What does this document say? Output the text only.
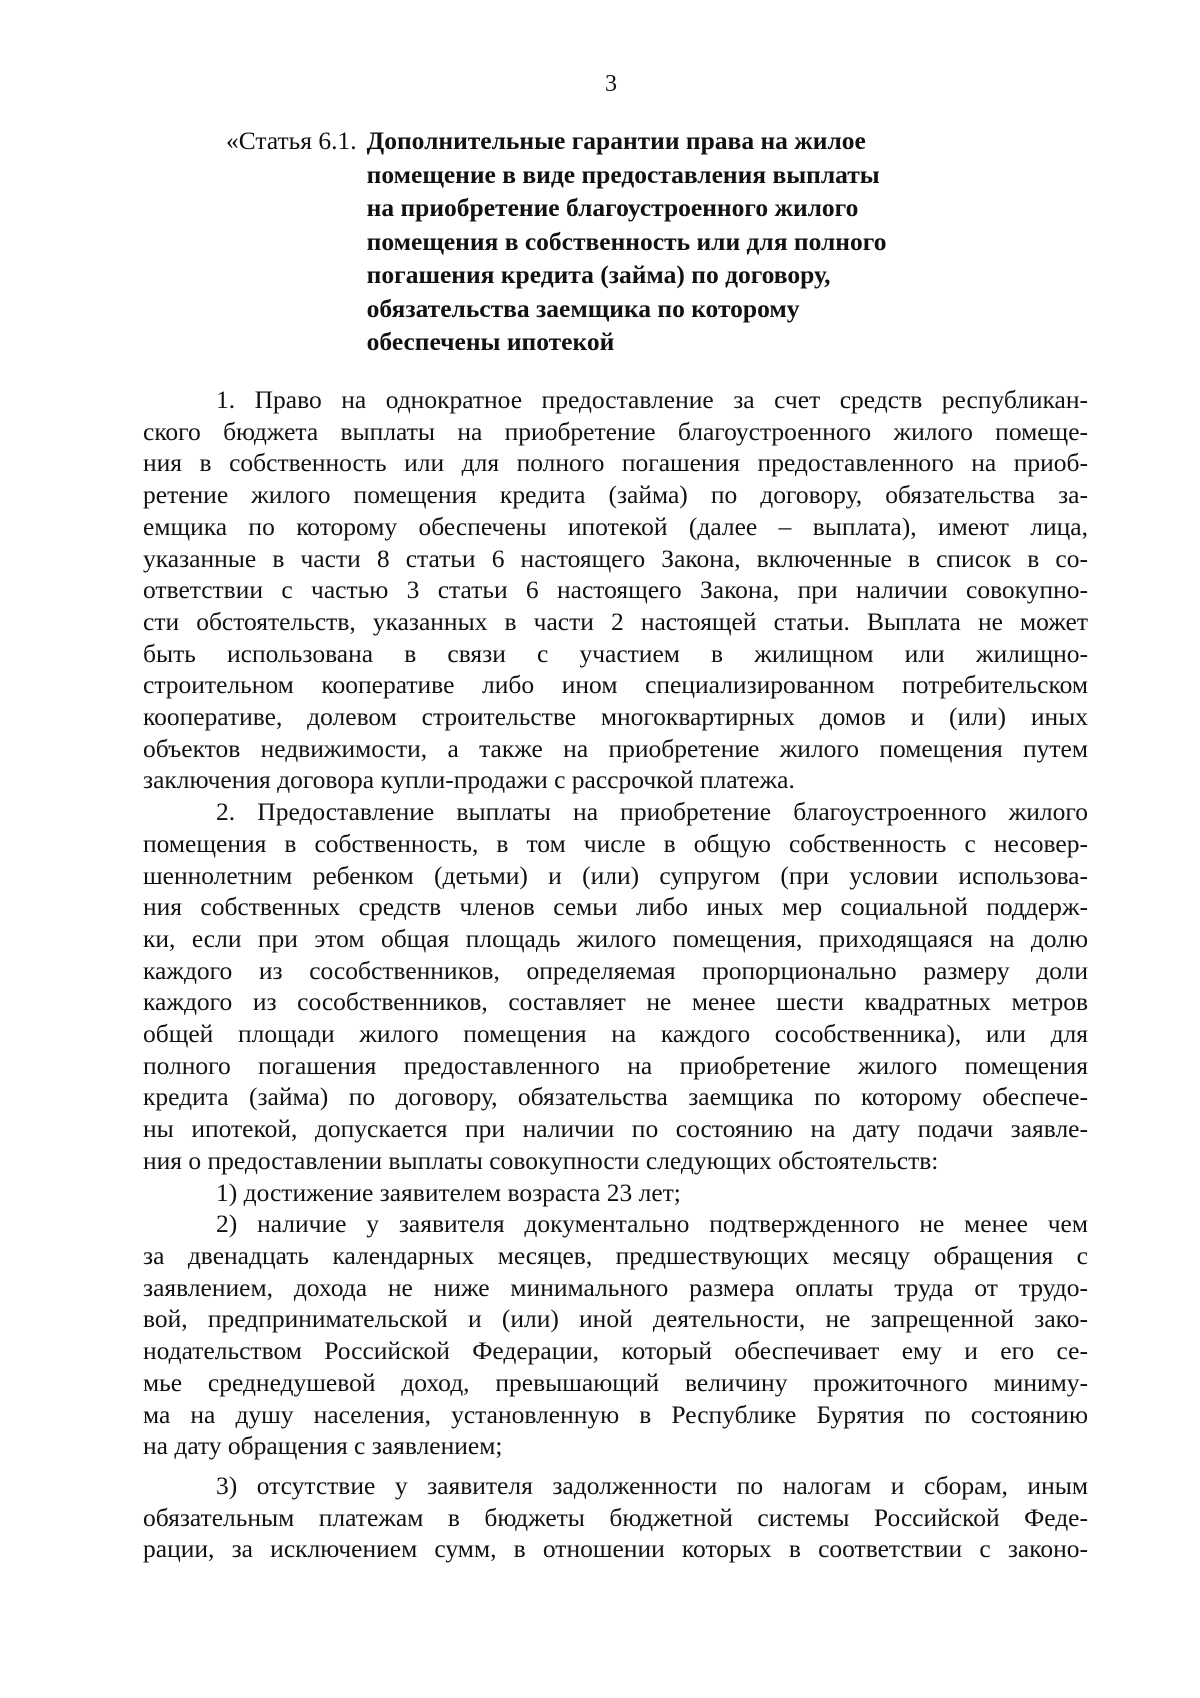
3
«Статья 6.1. Дополнительные гарантии права на жилое
помещение в виде предоставления выплаты
на приобретение благоустроенного жилого
помещения в собственность или для полного
погашения кредита (займа) по договору,
обязательства заемщика по которому
обеспечены ипотекой
1. Право на однократное предоставление за счет средств республикан-
ского бюджета выплаты на приобретение благоустроенного жилого помеще-
ния в собственность или для полного погашения предоставленного на приоб-
ретение жилого помещения кредита (займа) по договору, обязательства за-
емщика по которому обеспечены ипотекой (далее – выплата), имеют лица,
указанные в части 8 статьи 6 настоящего Закона, включенные в список в со-
ответствии с частью 3 статьи 6 настоящего Закона, при наличии совокупно-
сти обстоятельств, указанных в части 2 настоящей статьи. Выплата не может
быть использована в связи с участием в жилищном или жилищно-
строительном кооперативе либо ином специализированном потребительском
кооперативе, долевом строительстве многоквартирных домов и (или) иных
объектов недвижимости, а также на приобретение жилого помещения путем
заключения договора купли-продажи с рассрочкой платежа.
2. Предоставление выплаты на приобретение благоустроенного жилого
помещения в собственность, в том числе в общую собственность с несовер-
шеннолетним ребенком (детьми) и (или) супругом (при условии использова-
ния собственных средств членов семьи либо иных мер социальной поддерж-
ки, если при этом общая площадь жилого помещения, приходящаяся на долю
каждого из сособственников, определяемая пропорционально размеру доли
каждого из сособственников, составляет не менее шести квадратных метров
общей площади жилого помещения на каждого сособственника), или для
полного погашения предоставленного на приобретение жилого помещения
кредита (займа) по договору, обязательства заемщика по которому обеспече-
ны ипотекой, допускается при наличии по состоянию на дату подачи заявле-
ния о предоставлении выплаты совокупности следующих обстоятельств:
1) достижение заявителем возраста 23 лет;
2) наличие у заявителя документально подтвержденного не менее чем
за двенадцать календарных месяцев, предшествующих месяцу обращения с
заявлением, дохода не ниже минимального размера оплаты труда от трудо-
вой, предпринимательской и (или) иной деятельности, не запрещенной зако-
нодательством Российской Федерации, который обеспечивает ему и его се-
мье среднедушевой доход, превышающий величину прожиточного миниму-
ма на душу населения, установленную в Республике Бурятия по состоянию
на дату обращения с заявлением;
3) отсутствие у заявителя задолженности по налогам и сборам, иным
обязательным платежам в бюджеты бюджетной системы Российской Феде-
рации, за исключением сумм, в отношении которых в соответствии с законо-
